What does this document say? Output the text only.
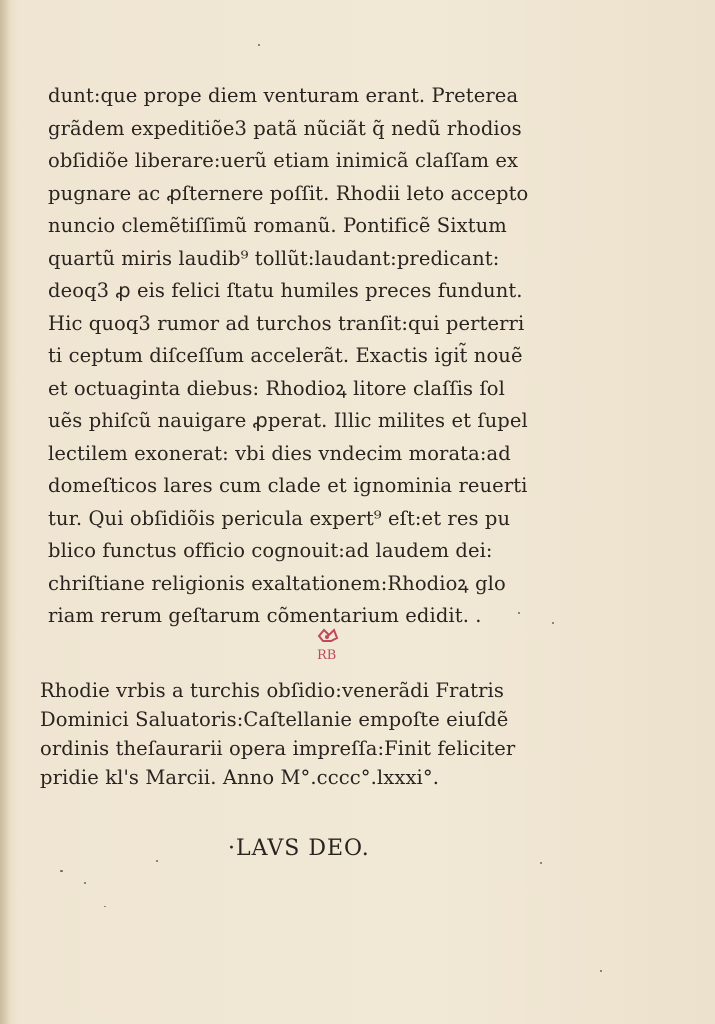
dunt:que prope diem venturam erant. Preterea
grãdem expeditiõe3 patã nũciãt q̃ nedũ rhodios
obſidiõe liberare:uerũ etiam inimicã claſſam ex
pugnare ac ꝓſternere poſſit. Rhodii leto accepto
nuncio clemẽtiſſimũ romanũ. Pontificẽ Sixtum
quartũ miris laudib⁹ tollũt:laudant:predicant:
deoq3 ꝓ eis felici ſtatu humiles preces fundunt.
Hic quoq3 rumor ad turchos tranſit:qui perterri
ti ceptum diſceſſum accelerãt. Exactis igit̃ nouẽ
et octuaginta diebus: Rhodioꝝ litore claſſis ſol
uẽs phiſcũ nauigare ꝓperat. Illic milites et ſupel
lectilem exonerat: vbi dies vndecim morata:ad
domeſticos lares cum clade et ignominia reuerti
tur. Qui obſidiõis pericula expert⁹ eſt:et res pu
blico functus officio cognouit:ad laudem dei:
chriſtiane religionis exaltationem:Rhodioꝝ glo
riam rerum geſtarum cõmentarium edidit. .
RB
Rhodie vrbis a turchis obſidio:venerãdi Fratris
Dominici Saluatoris:Caſtellanie empoſte eiuſdẽ
ordinis theſaurarii opera impreſſa:Finit feliciter
pridie kl's Marcii. Anno M°.cccc°.lxxxi°.
·LAVS DEO.
